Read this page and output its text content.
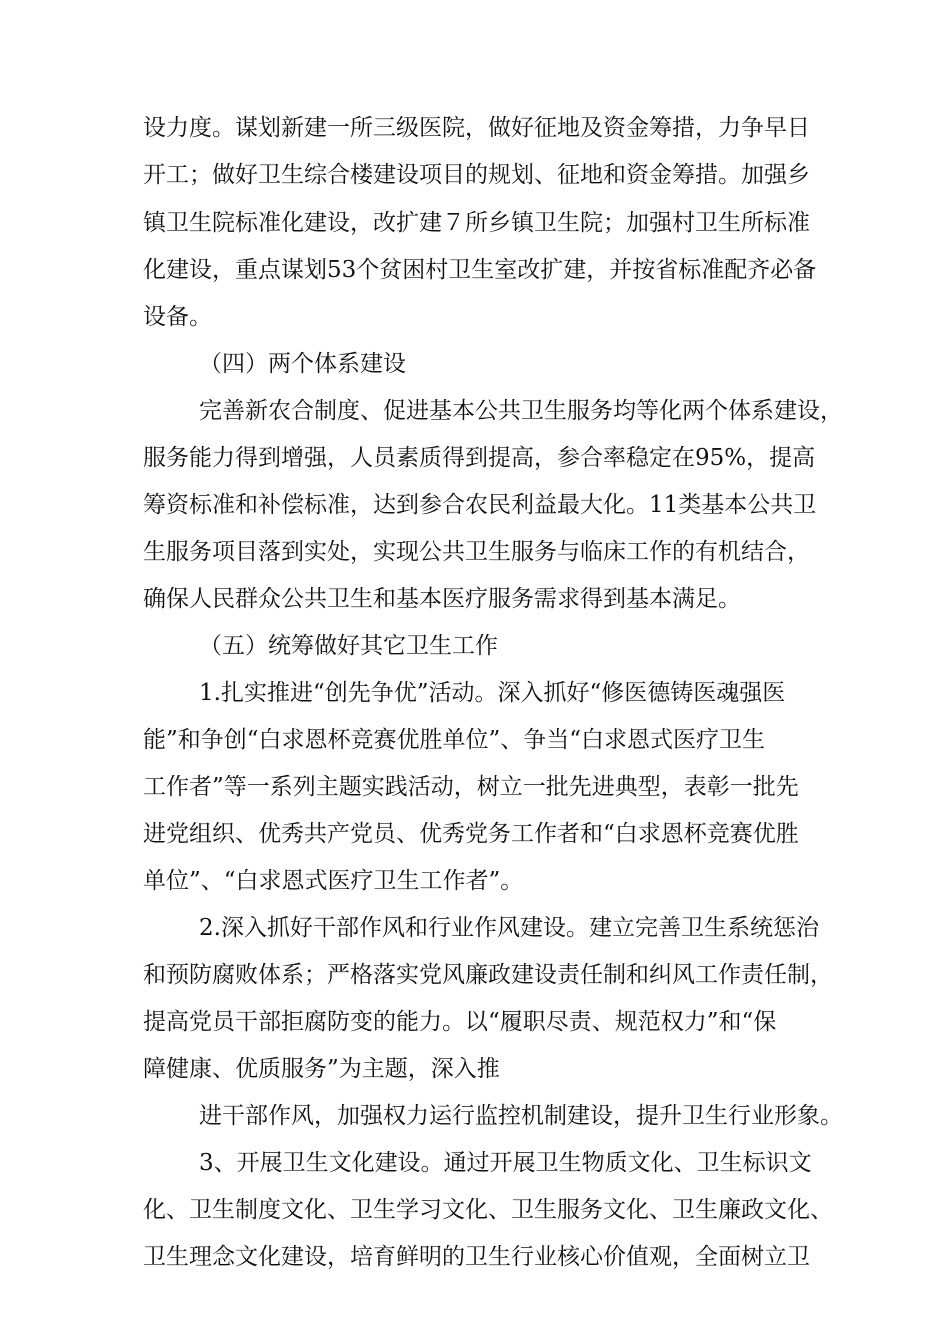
设力度。谋划新建一所三级医院，做好征地及资金筹措，力争早日
开工；做好卫生综合楼建设项目的规划、征地和资金筹措。加强乡
镇卫生院标准化建设，改扩建７所乡镇卫生院；加强村卫生所标准
化建设，重点谋划53个贫困村卫生室改扩建，并按省标准配齐必备
设备。
（四）两个体系建设
完善新农合制度、促进基本公共卫生服务均等化两个体系建设，
服务能力得到增强，人员素质得到提高，参合率稳定在95%，提高
筹资标准和补偿标准，达到参合农民利益最大化。11类基本公共卫
生服务项目落到实处，实现公共卫生服务与临床工作的有机结合，
确保人民群众公共卫生和基本医疗服务需求得到基本满足。
（五）统筹做好其它卫生工作
1.扎实推进“创先争优”活动。深入抓好“修医德铸医魂强医
能”和争创“白求恩杯竞赛优胜单位”、争当“白求恩式医疗卫生
工作者”等一系列主题实践活动，树立一批先进典型，表彰一批先
进党组织、优秀共产党员、优秀党务工作者和“白求恩杯竞赛优胜
单位”、“白求恩式医疗卫生工作者”。
2.深入抓好干部作风和行业作风建设。建立完善卫生系统惩治
和预防腐败体系；严格落实党风廉政建设责任制和纠风工作责任制，
提高党员干部拒腐防变的能力。以“履职尽责、规范权力”和“保
障健康、优质服务”为主题，深入推
进干部作风，加强权力运行监控机制建设，提升卫生行业形象。
3、开展卫生文化建设。通过开展卫生物质文化、卫生标识文
化、卫生制度文化、卫生学习文化、卫生服务文化、卫生廉政文化、
卫生理念文化建设，培育鲜明的卫生行业核心价值观，全面树立卫
